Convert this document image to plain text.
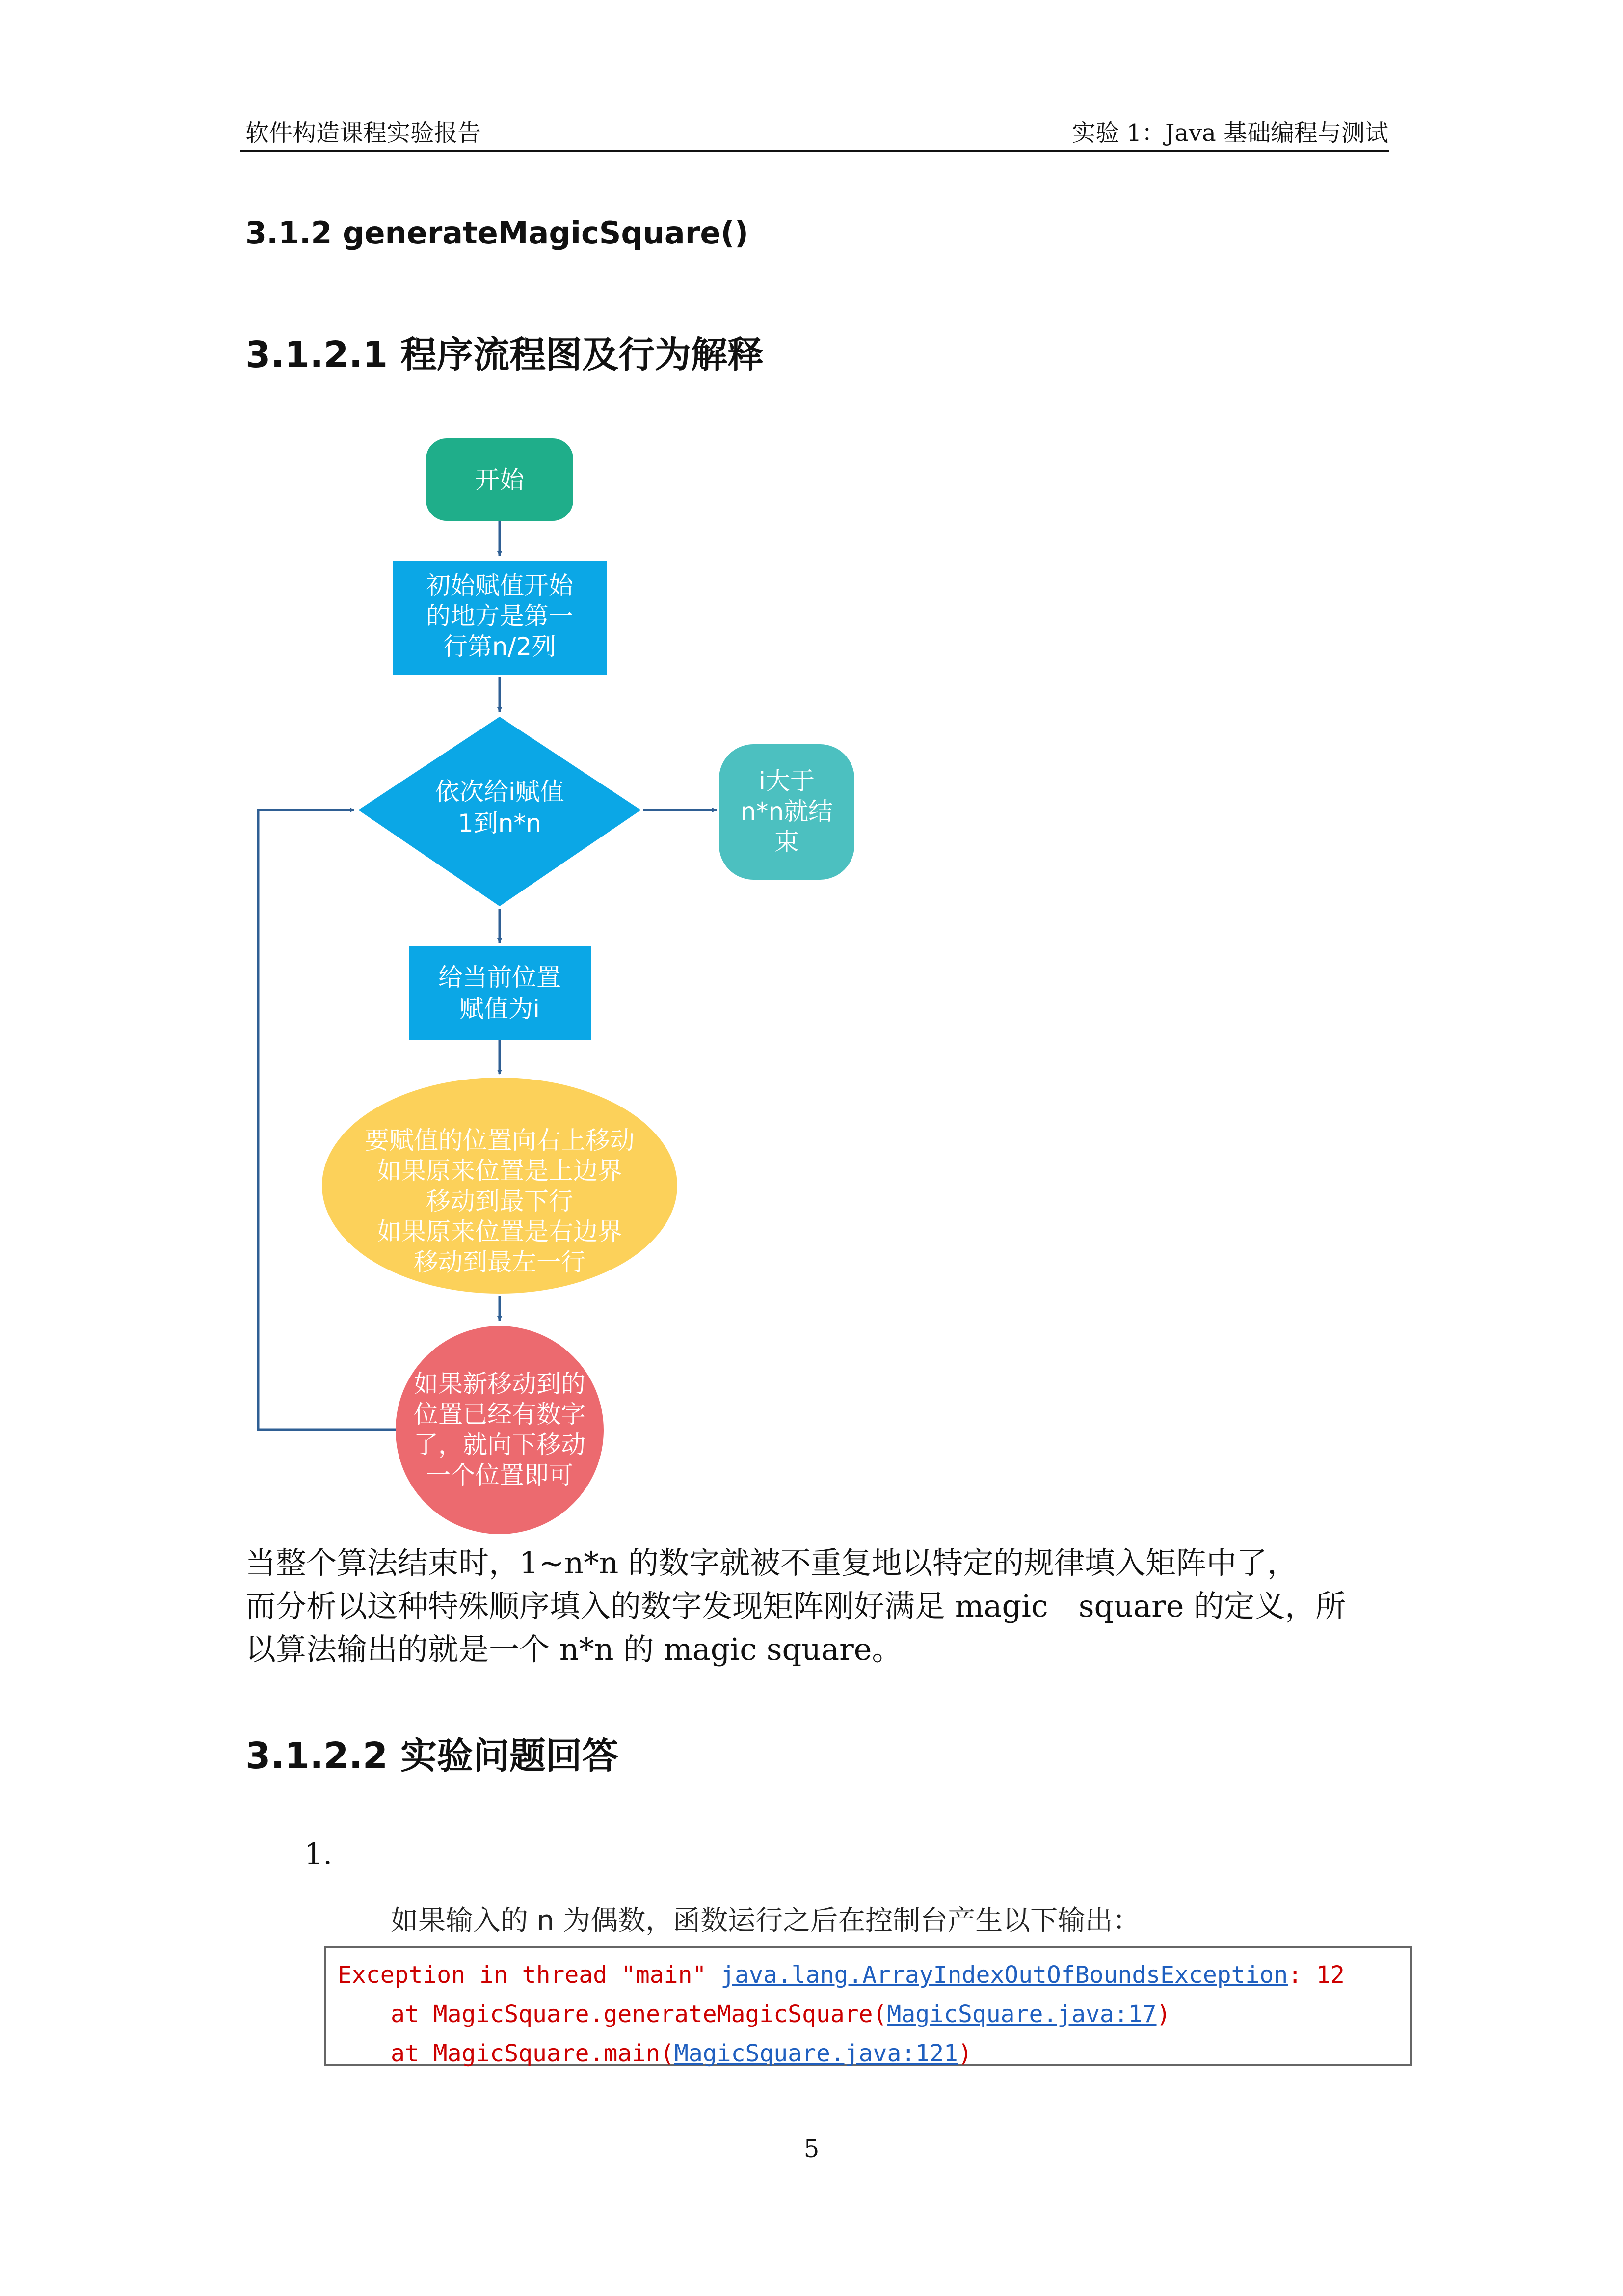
软件构造课程实验报告	实验 1：Java 基础编程与测试
3.1.2 generateMagicSquare()
3.1.2.1 程序流程图及行为解释
开始
初始赋值开始
的地方是第一
行第n/2列
依次给i赋值
1到n*n
i大于
n*n就结
束
给当前位置
赋值为i
要赋值的位置向右上移动
如果原来位置是上边界
移动到最下行
如果原来位置是右边界
移动到最左一行
如果新移动到的
位置已经有数字
了，就向下移动
一个位置即可
当整个算法结束时，1~n*n 的数字就被不重复地以特定的规律填入矩阵中了，
而分析以这种特殊顺序填入的数字发现矩阵刚好满足 magic　square 的定义，所
以算法输出的就是一个 n*n 的 magic square。
3.1.2.2 实验问题回答
1.
如果输入的 n 为偶数，函数运行之后在控制台产生以下输出：
Exception in thread "main" java.lang.ArrayIndexOutOfBoundsException: 12
at MagicSquare.generateMagicSquare(MagicSquare.java:17)
at MagicSquare.main(MagicSquare.java:121)
5
